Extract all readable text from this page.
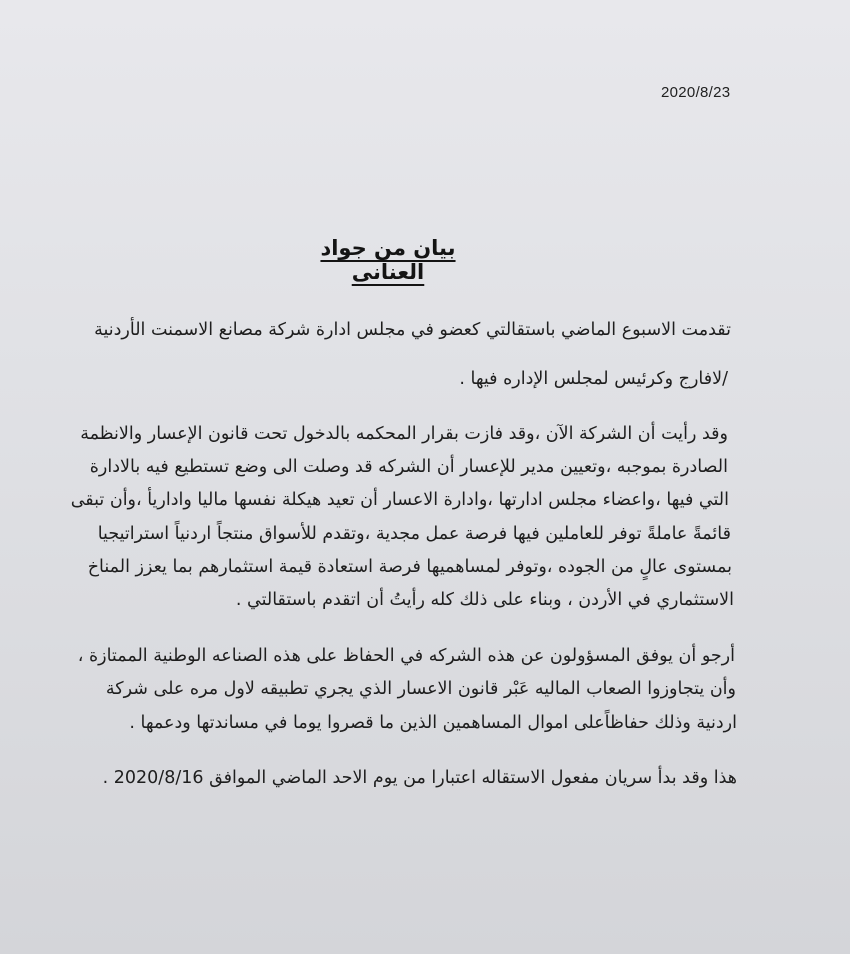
2020/8/23
بيان من جواد العنانى
تقدمت الاسبوع الماضي باستقالتي كعضو في مجلس ادارة شركة مصانع الاسمنت الأردنية
/لافارج وكرئيس لمجلس الإداره فيها .
وقد رأيت أن الشركة الآن ،وقد فازت بقرار المحكمه بالدخول تحت قانون الإعسار والانظمة
الصادرة بموجبه ،وتعيين مدير للإعسار أن الشركه قد وصلت الى وضع تستطيع فيه بالادارة
التي فيها ،واعضاء مجلس ادارتها ،وادارة الاعسار أن تعيد هيكلة نفسها ماليا واداريأ ،وأن تبقى
قائمةً عاملةً توفر للعاملين فيها فرصة عمل مجدية ،وتقدم للأسواق منتجاً اردنياً استراتيجيا
بمستوى عالٍ من الجوده ،وتوفر لمساهميها فرصة استعادة قيمة استثمارهم بما يعزز المناخ
الاستثماري في الأردن ، وبناء على ذلك كله رأيتُ أن اتقدم باستقالتي .
أرجو أن يوفق المسؤولون عن هذه الشركه في الحفاظ على هذه الصناعه الوطنية الممتازة ،
وأن يتجاوزوا الصعاب الماليه عَبْر قانون الاعسار الذي يجري تطبيقه لاول مره على شركة
اردنية وذلك حفاظاًعلى اموال المساهمين الذين ما قصروا يوما في مساندتها ودعمها .
هذا وقد بدأ سريان مفعول الاستقاله اعتبارا من يوم الاحد الماضي الموافق 2020/8/16 .
